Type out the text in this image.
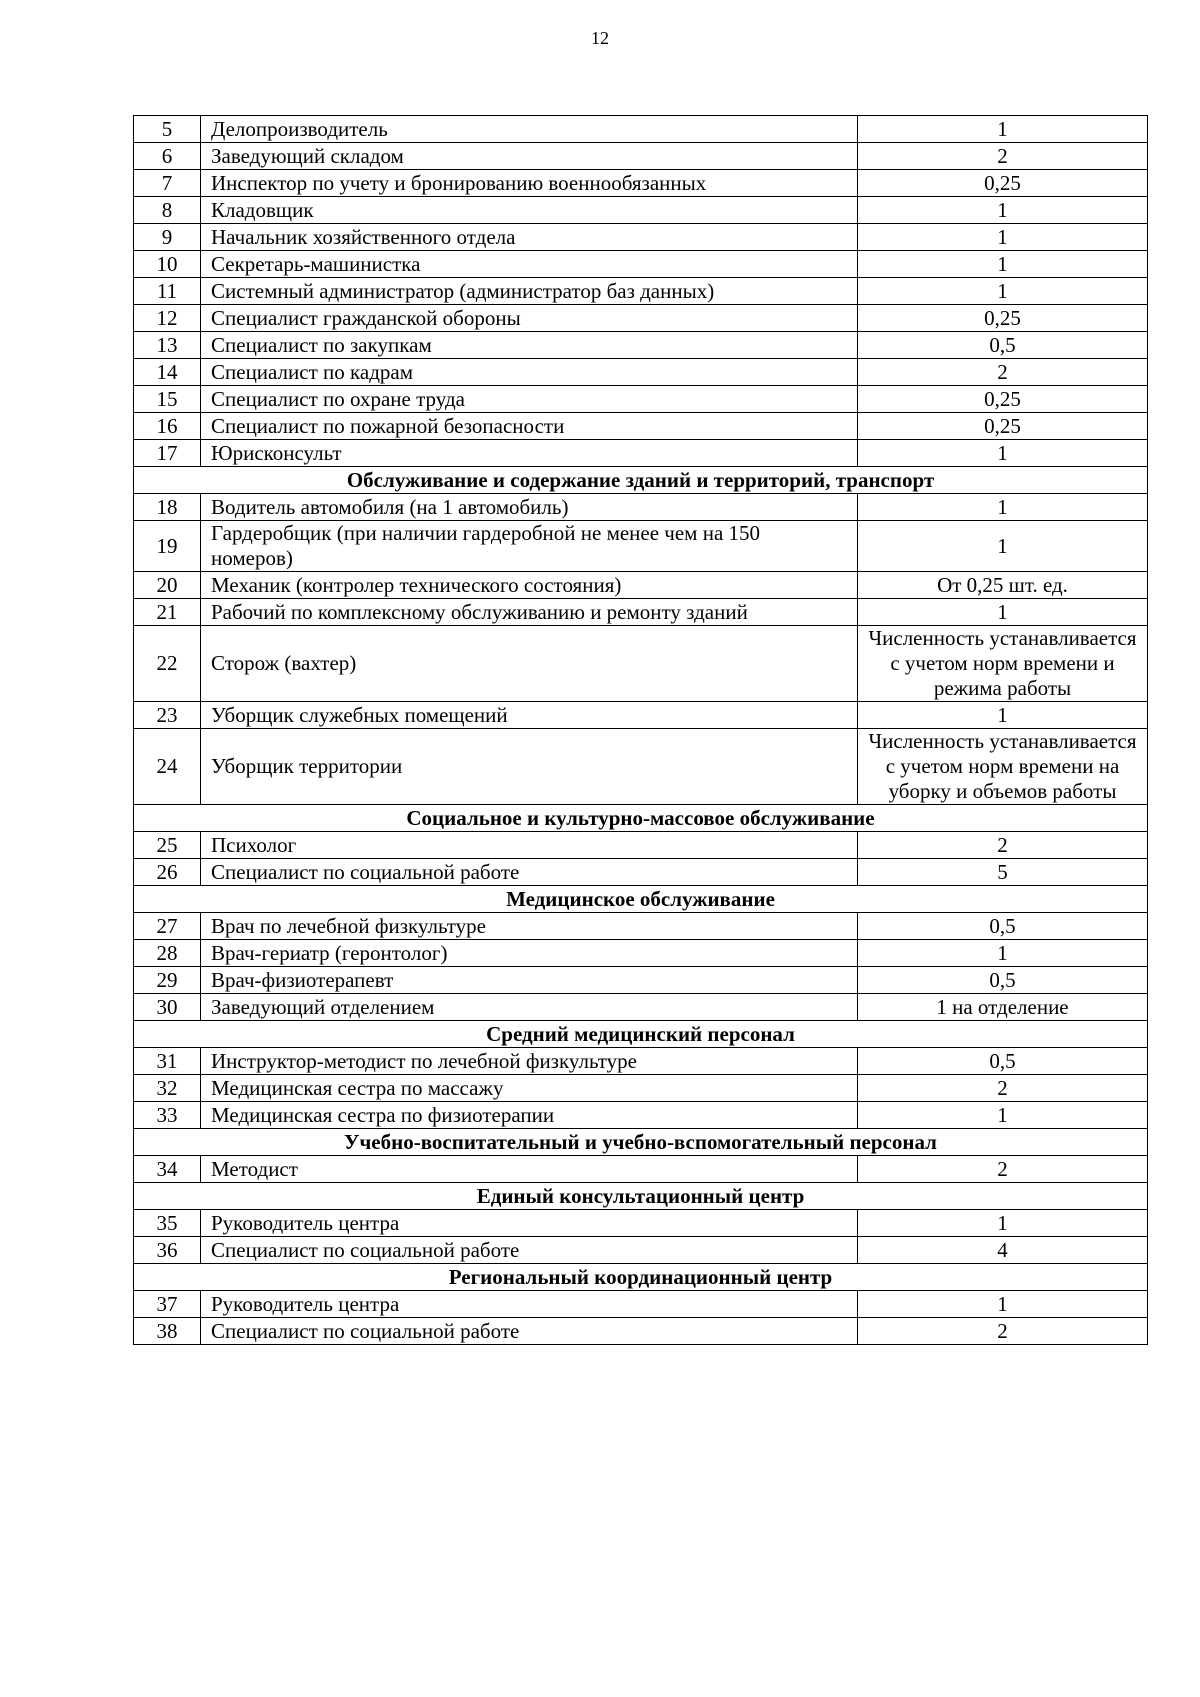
12
5	Делопроизводитель	1
6	Заведующий складом	2
7	Инспектор по учету и бронированию военнообязанных	0,25
8	Кладовщик	1
9	Начальник хозяйственного отдела	1
10	Секретарь-машинистка	1
11	Системный администратор (администратор баз данных)	1
12	Специалист гражданской обороны	0,25
13	Специалист по закупкам	0,5
14	Специалист по кадрам	2
15	Специалист по охране труда	0,25
16	Специалист по пожарной безопасности	0,25
17	Юрисконсульт	1
Обслуживание и содержание зданий и территорий, транспорт		
18	Водитель автомобиля (на 1 автомобиль)	1
19	Гардеробщик (при наличии гардеробной не менее чем на 150 номеров)	1
20	Механик (контролер технического состояния)	От 0,25 шт. ед.
21	Рабочий по комплексному обслуживанию и ремонту зданий	1
22	Сторож (вахтер)	Численность устанавливается с учетом норм времени и режима работы
23	Уборщик служебных помещений	1
24	Уборщик территории	Численность устанавливается с учетом норм времени на уборку и объемов работы
Социальное и культурно-массовое обслуживание		
25	Психолог	2
26	Специалист по социальной работе	5
Медицинское обслуживание		
27	Врач по лечебной физкультуре	0,5
28	Врач-гериатр (геронтолог)	1
29	Врач-физиотерапевт	0,5
30	Заведующий отделением	1 на отделение
Средний медицинский персонал		
31	Инструктор-методист по лечебной физкультуре	0,5
32	Медицинская сестра по массажу	2
33	Медицинская сестра по физиотерапии	1
Учебно-воспитательный и учебно-вспомогательный персонал		
34	Методист	2
Единый консультационный центр		
35	Руководитель центра	1
36	Специалист по социальной работе	4
Региональный координационный центр		
37	Руководитель центра	1
38	Специалист по социальной работе	2
